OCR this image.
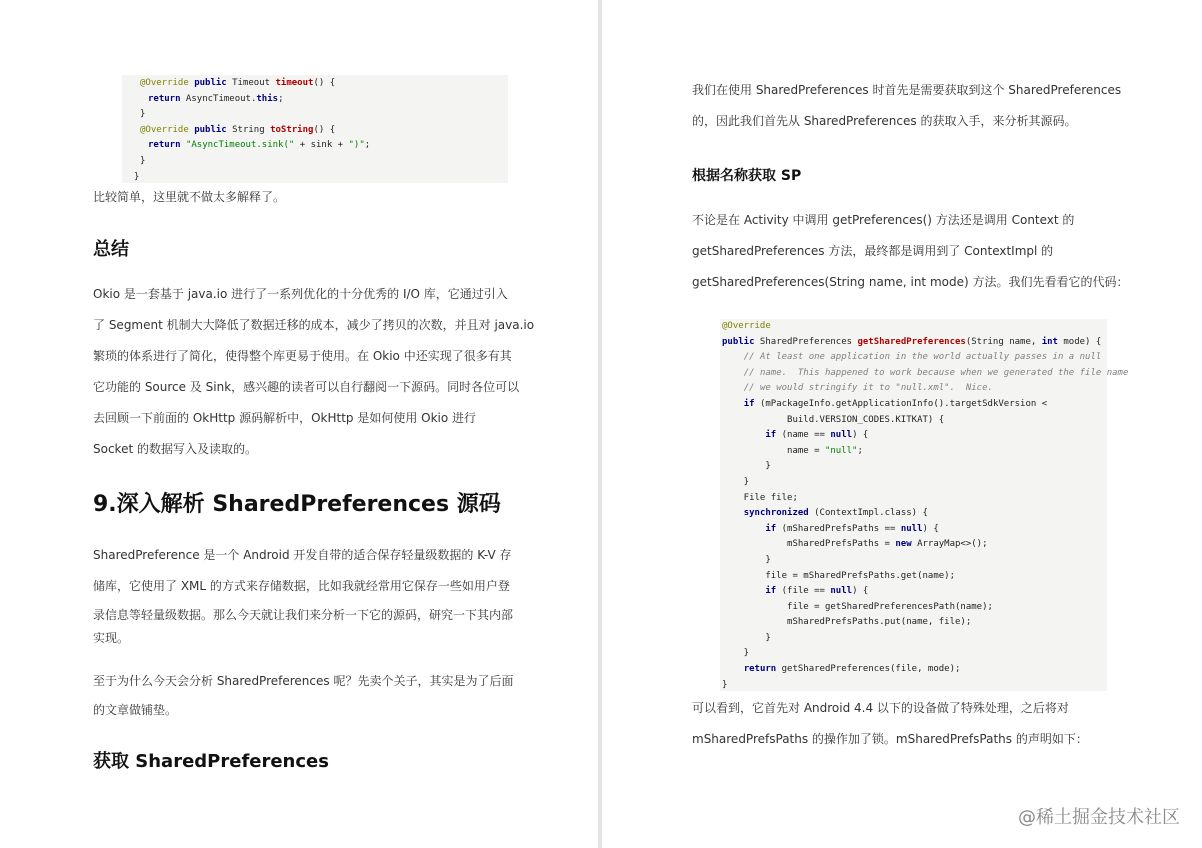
@Override public Timeout timeout() {
return AsyncTimeout.this;
}
@Override public String toString() {
return "AsyncTimeout.sink(" + sink + ")";
}
}

比较简单，这里就不做太多解释了。

总结
Okio 是一套基于 java.io 进行了一系列优化的十分优秀的 I/O 库，它通过引入
了 Segment 机制大大降低了数据迁移的成本，减少了拷贝的次数，并且对 java.io
繁琐的体系进行了简化，使得整个库更易于使用。在 Okio 中还实现了很多有其
它功能的 Source 及 Sink，感兴趣的读者可以自行翻阅一下源码。同时各位可以
去回顾一下前面的 OkHttp 源码解析中，OkHttp 是如何使用 Okio 进行
Socket 的数据写入及读取的。
9.深入解析 SharedPreferences 源码
SharedPreference 是一个 Android 开发自带的适合保存轻量级数据的 K-V 存
储库，它使用了 XML 的方式来存储数据，比如我就经常用它保存一些如用户登
录信息等轻量级数据。那么今天就让我们来分析一下它的源码，研究一下其内部
实现。
至于为什么今天会分析 SharedPreferences 呢？先卖个关子，其实是为了后面
的文章做铺垫。
获取 SharedPreferences
我们在使用 SharedPreferences 时首先是需要获取到这个 SharedPreferences
的，因此我们首先从 SharedPreferences 的获取入手，来分析其源码。
根据名称获取 SP
不论是在 Activity 中调用 getPreferences() 方法还是调用 Context 的
getSharedPreferences 方法，最终都是调用到了 ContextImpl 的
getSharedPreferences(String name, int mode) 方法。我们先看看它的代码：
@Override
public SharedPreferences getSharedPreferences(String name, int mode) {
// At least one application in the world actually passes in a null
// name.  This happened to work because when we generated the file name
// we would stringify it to "null.xml".  Nice.
if (mPackageInfo.getApplicationInfo().targetSdkVersion <
Build.VERSION_CODES.KITKAT) {
if (name == null) {
name = "null";
}
}
File file;
synchronized (ContextImpl.class) {
if (mSharedPrefsPaths == null) {
mSharedPrefsPaths = new ArrayMap<>();
}
file = mSharedPrefsPaths.get(name);
if (file == null) {
file = getSharedPreferencesPath(name);
mSharedPrefsPaths.put(name, file);
}
}
return getSharedPreferences(file, mode);
}
可以看到，它首先对 Android 4.4 以下的设备做了特殊处理，之后将对
mSharedPrefsPaths 的操作加了锁。mSharedPrefsPaths 的声明如下：
@稀土掘金技术社区
